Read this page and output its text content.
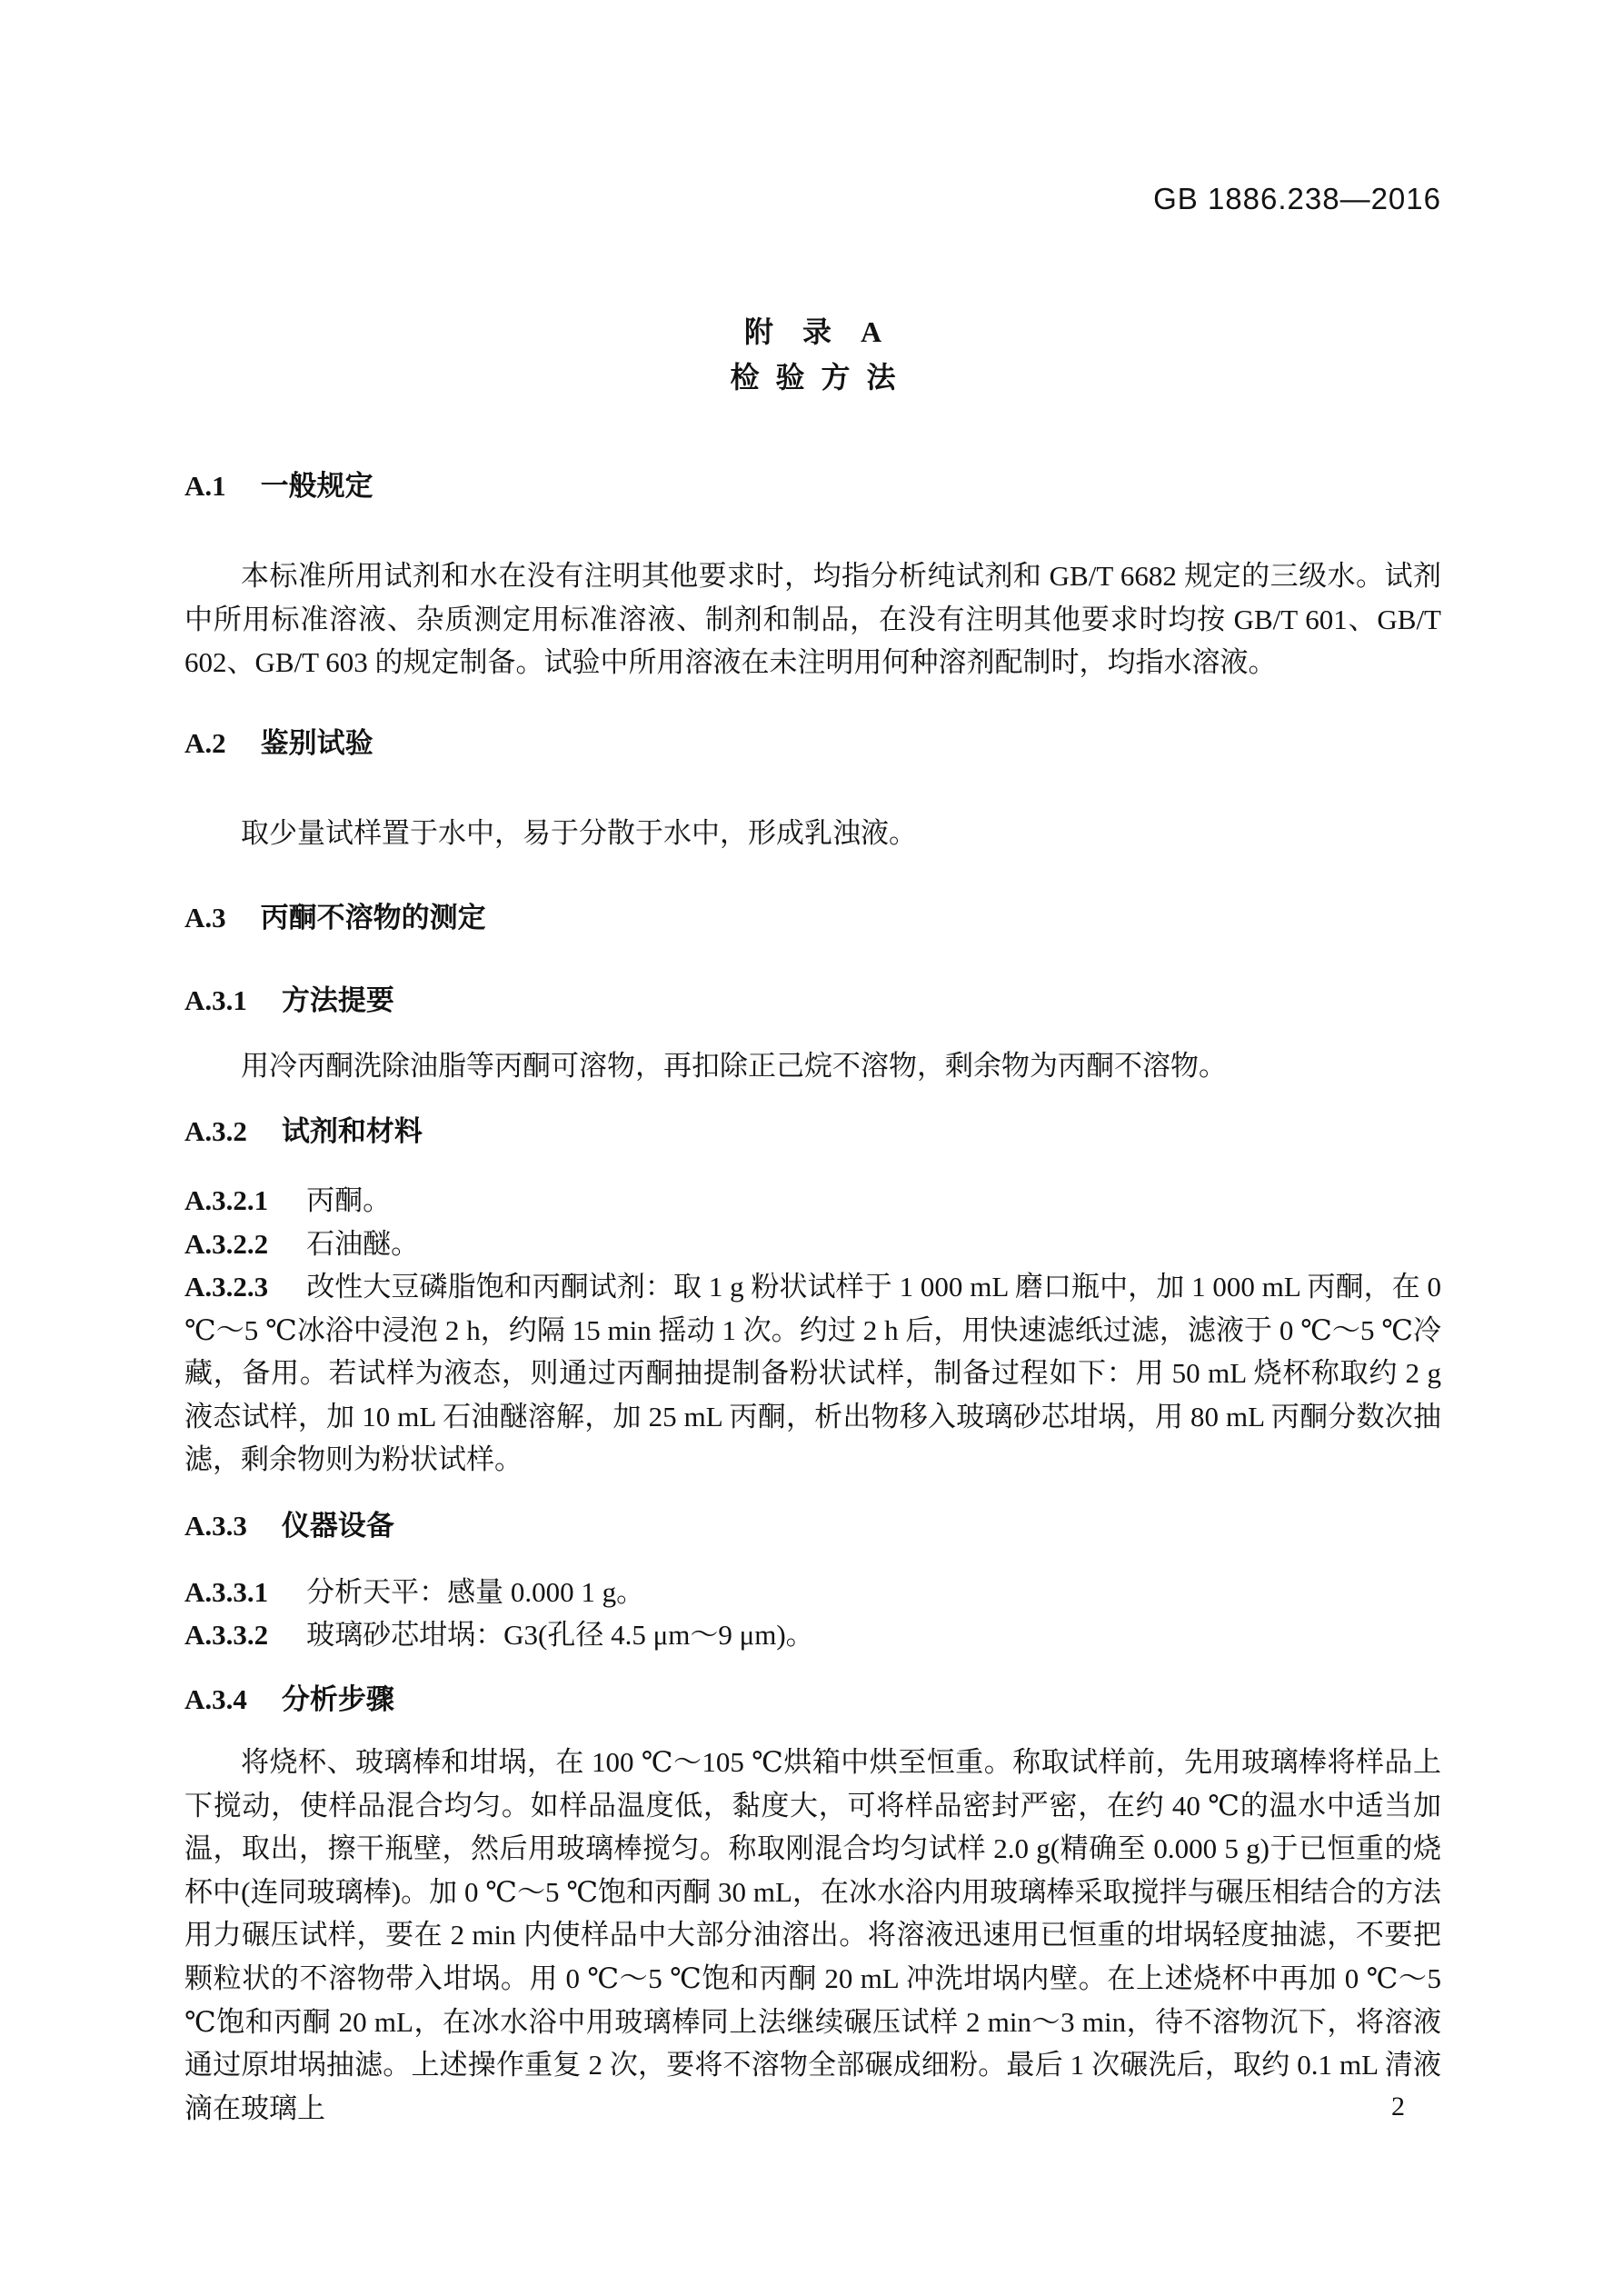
GB 1886.238—2016
附　录　A
检 验 方 法
A.1 一般规定

本标准所用试剂和水在没有注明其他要求时，均指分析纯试剂和 GB/T 6682 规定的三级水。试剂中所用标准溶液、杂质测定用标准溶液、制剂和制品，在没有注明其他要求时均按 GB/T 601、GB/T 602、GB/T 603 的规定制备。试验中所用溶液在未注明用何种溶剂配制时，均指水溶液。

A.2 鉴别试验

取少量试样置于水中，易于分散于水中，形成乳浊液。

A.3 丙酮不溶物的测定
A.3.1 方法提要

用冷丙酮洗除油脂等丙酮可溶物，再扣除正己烷不溶物，剩余物为丙酮不溶物。

A.3.2 试剂和材料

A.3.2.1 丙酮。

A.3.2.2 石油醚。

A.3.2.3 改性大豆磷脂饱和丙酮试剂：取 1 g 粉状试样于 1 000 mL 磨口瓶中，加 1 000 mL 丙酮，在 0 ℃～5 ℃冰浴中浸泡 2 h，约隔 15 min 摇动 1 次。约过 2 h 后，用快速滤纸过滤，滤液于 0 ℃～5 ℃冷藏，备用。若试样为液态，则通过丙酮抽提制备粉状试样，制备过程如下：用 50 mL 烧杯称取约 2 g 液态试样，加 10 mL 石油醚溶解，加 25 mL 丙酮，析出物移入玻璃砂芯坩埚，用 80 mL 丙酮分数次抽滤，剩余物则为粉状试样。

A.3.3 仪器设备

A.3.3.1 分析天平：感量 0.000 1 g。

A.3.3.2 玻璃砂芯坩埚：G3(孔径 4.5 μm～9 μm)。

A.3.4 分析步骤

将烧杯、玻璃棒和坩埚，在 100 ℃～105 ℃烘箱中烘至恒重。称取试样前，先用玻璃棒将样品上下搅动，使样品混合均匀。如样品温度低，黏度大，可将样品密封严密，在约 40 ℃的温水中适当加温，取出，擦干瓶壁，然后用玻璃棒搅匀。称取刚混合均匀试样 2.0 g(精确至 0.000 5 g)于已恒重的烧杯中(连同玻璃棒)。加 0 ℃～5 ℃饱和丙酮 30 mL，在冰水浴内用玻璃棒采取搅拌与碾压相结合的方法用力碾压试样，要在 2 min 内使样品中大部分油溶出。将溶液迅速用已恒重的坩埚轻度抽滤，不要把颗粒状的不溶物带入坩埚。用 0 ℃～5 ℃饱和丙酮 20 mL 冲洗坩埚内壁。在上述烧杯中再加 0 ℃～5 ℃饱和丙酮 20 mL，在冰水浴中用玻璃棒同上法继续碾压试样 2 min～3 min，待不溶物沉下，将溶液通过原坩埚抽滤。上述操作重复 2 次，要将不溶物全部碾成细粉。最后 1 次碾洗后，取约 0.1 mL 清液滴在玻璃上	2
